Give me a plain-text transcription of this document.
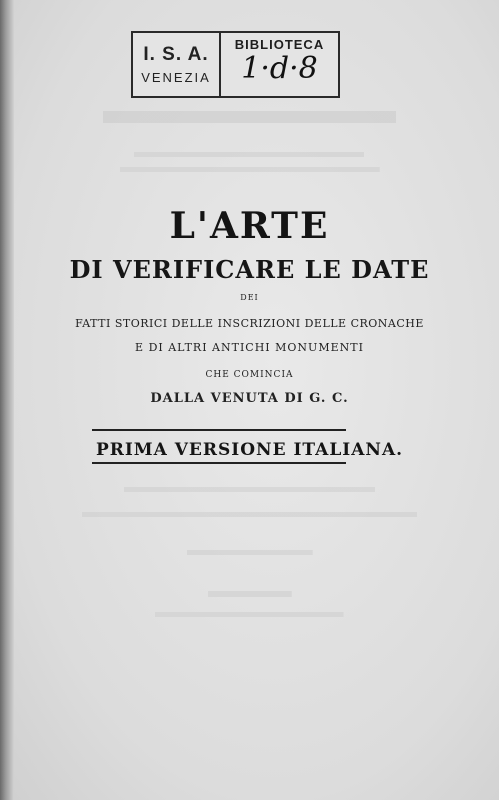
I. S. A.
VENEZIA
BIBLIOTECA
1·d·8
L'ARTE
DI VERIFICARE LE DATE
DEI
FATTI STORICI DELLE INSCRIZIONI DELLE CRONACHE
E DI ALTRI ANTICHI MONUMENTI
CHE COMINCIA
DALLA VENUTA DI G. C.
PRIMA VERSIONE ITALIANA.
